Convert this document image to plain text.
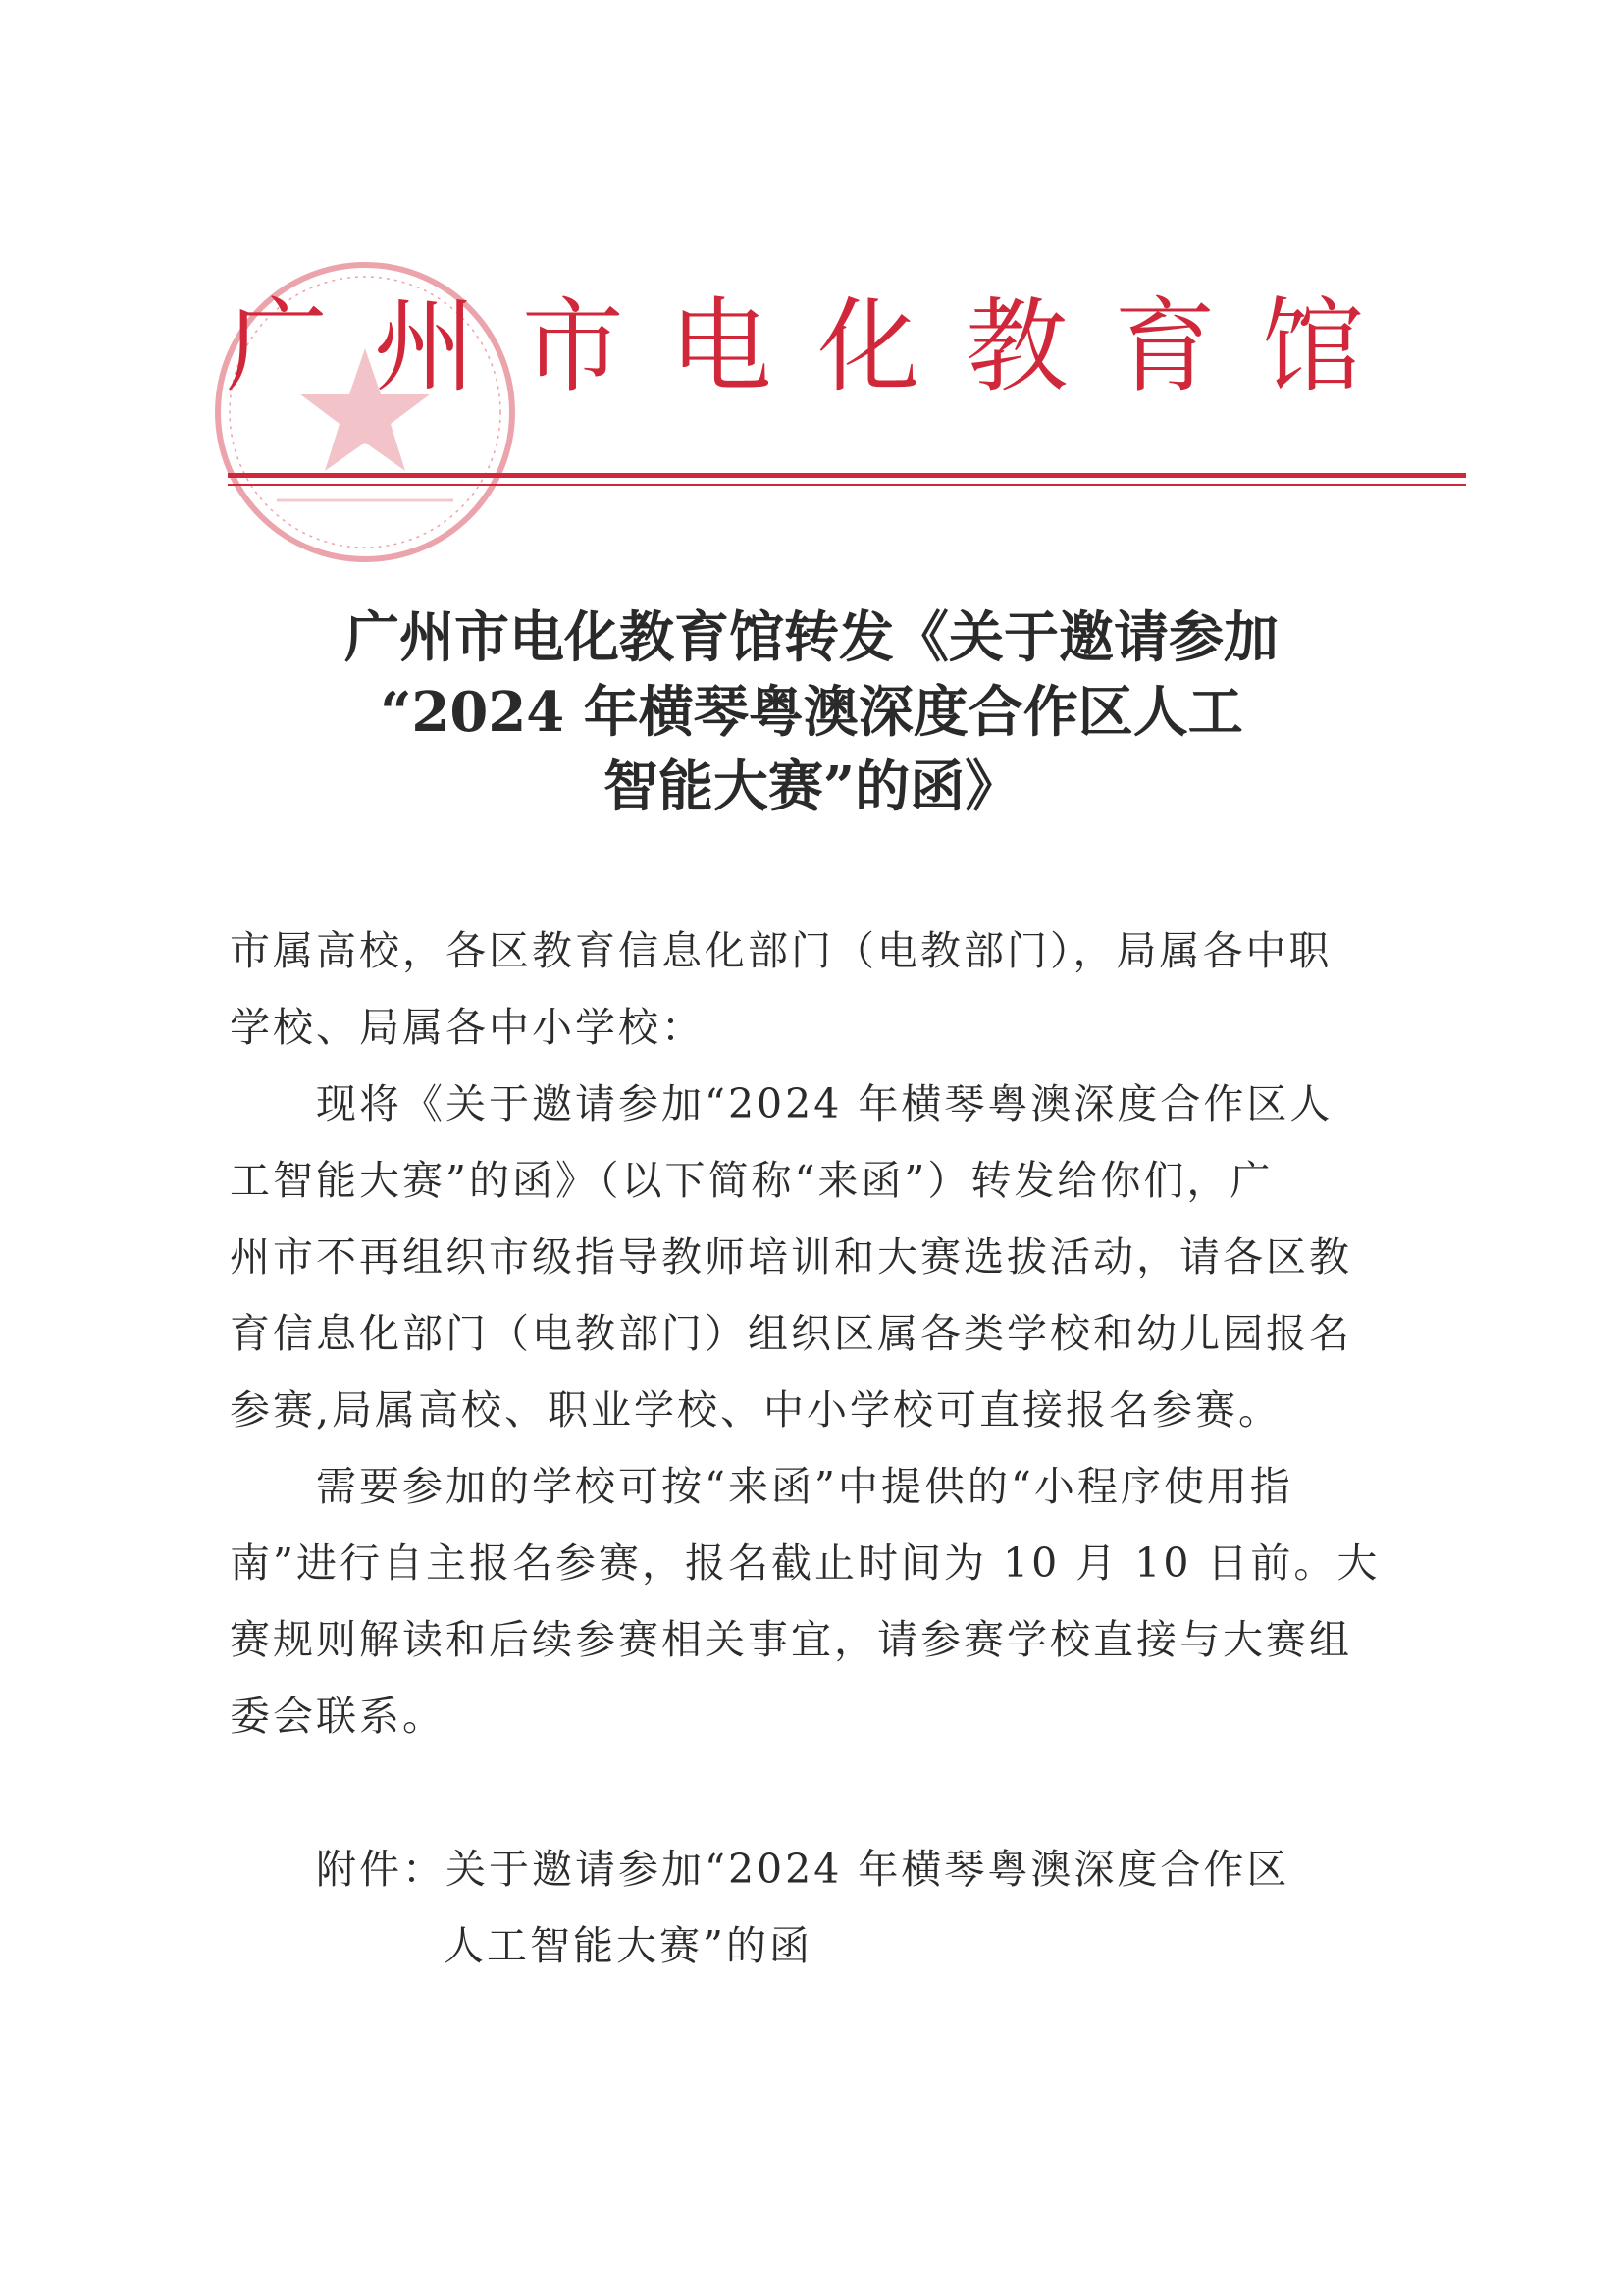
广 州 市 电 化 教 育 馆
广州市电化教育馆转发《关于邀请参加
“2024 年横琴粤澳深度合作区人工
智能大赛”的函》
市属高校，各区教育信息化部门（电教部门），局属各中职
学校、局属各中小学校：
现将《关于邀请参加“2024 年横琴粤澳深度合作区人
工智能大赛”的函》（以下简称“来函”）转发给你们，广
州市不再组织市级指导教师培训和大赛选拔活动，请各区教
育信息化部门（电教部门）组织区属各类学校和幼儿园报名
参赛,局属高校、职业学校、中小学校可直接报名参赛。
需要参加的学校可按“来函”中提供的“小程序使用指
南”进行自主报名参赛，报名截止时间为 10 月 10 日前。大
赛规则解读和后续参赛相关事宜，请参赛学校直接与大赛组
委会联系。
附件：关于邀请参加“2024 年横琴粤澳深度合作区
人工智能大赛”的函
